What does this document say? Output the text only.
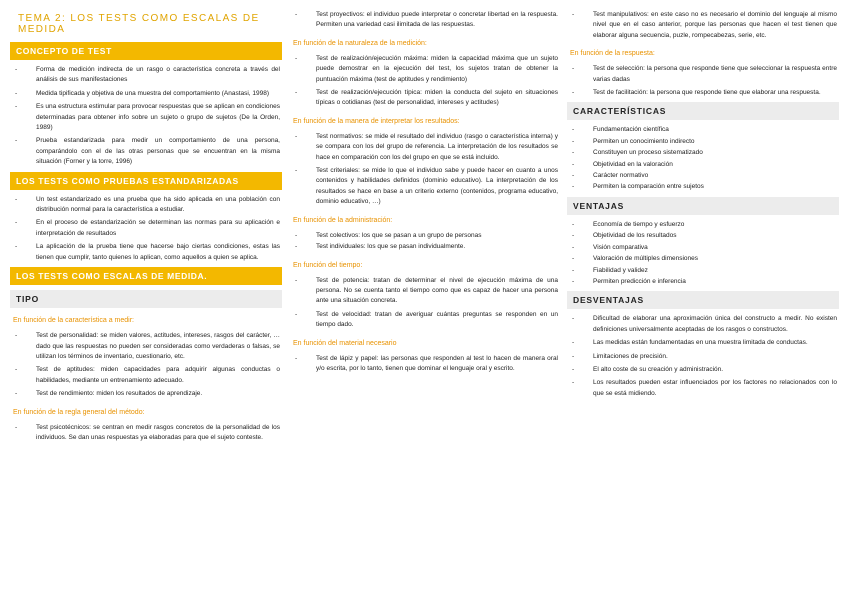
TEMA 2: LOS TESTS COMO ESCALAS DE MEDIDA
CONCEPTO DE TEST
- Forma de medición indirecta de un rasgo o característica concreta a través del análisis de sus manifestaciones
- Medida tipificada y objetiva de una muestra del comportamiento (Anastasi, 1998)
- Es una estructura estimular para provocar respuestas que se aplican en condiciones determinadas para obtener info sobre un sujeto o grupo de sujetos (De la Orden, 1989)
- Prueba estandarizada para medir un comportamiento de una persona, comparándolo con el de las otras personas que se encuentran en la misma situación (Forner y la torre, 1996)
LOS TESTS COMO PRUEBAS ESTANDARIZADAS
- Un test estandarizado es una prueba que ha sido aplicada en una población con distribución normal para la característica a estudiar.
- En el proceso de estandarización se determinan las normas para su aplicación e interpretación de resultados
- La aplicación de la prueba tiene que hacerse bajo ciertas condiciones, estas las tienen que cumplir, tanto quienes lo aplican, como aquellos a quien se aplica.
LOS TESTS COMO ESCALAS DE MEDIDA.
TIPO
En función de la característica a medir:
- Test de personalidad: se miden valores, actitudes, intereses, rasgos del carácter, … dado que las respuestas no pueden ser consideradas como verdaderas o falsas, se utilizan los términos de inventario, cuestionario, etc.
- Test de aptitudes: miden capacidades para adquirir algunas conductas o habilidades, mediante un entrenamiento adecuado.
- Test de rendimiento: miden los resultados de aprendizaje.
En función de la regla general del método:
- Test psicotécnicos: se centran en medir rasgos concretos de la personalidad de los individuos. Se dan unas respuestas ya elaboradas para que el sujeto conteste.
- Test proyectivos: el individuo puede interpretar o concretar libertad en la respuesta. Permiten una variedad casi ilimitada de las respuestas.
En función de la naturaleza de la medición:
- Test de realización/ejecución máxima: miden la capacidad máxima que un sujeto puede demostrar en la ejecución del test, los sujetos tratan de obtener la puntuación máxima (test de aptitudes y rendimiento)
- Test de realización/ejecución típica: miden la conducta del sujeto en situaciones típicas o cotidianas (test de personalidad, intereses y actitudes)
En función de la manera de interpretar los resultados:
- Test normativos: se mide el resultado del individuo (rasgo o característica interna) y se compara con los del grupo de referencia. La interpretación de los resultados se hace en comparación con los del grupo en que se está incluido.
- Test criteriales: se mide lo que el individuo sabe y puede hacer en cuanto a unos contenidos y habilidades definidos (dominio educativo). La interpretación de los resultados se hace en base a un criterio externo (contenidos, programa educativo, dominio educativo, …)
En función de la administración:
- Test colectivos: los que se pasan a un grupo de personas
- Test individuales: los que se pasan individualmente.
En función del tiempo:
- Test de potencia: tratan de determinar el nivel de ejecución máxima de una persona. No se cuenta tanto el tiempo como que es capaz de hacer una persona ante una situación concreta.
- Test de velocidad: tratan de averiguar cuántas preguntas se responden en un tiempo dado.
En función del material necesario
- Test de lápiz y papel: las personas que responden al test lo hacen de manera oral y/o escrita, por lo tanto, tienen que dominar el lenguaje oral y escrito.
- Test manipulativos: en este caso no es necesario el dominio del lenguaje al mismo nivel que en el caso anterior, porque las personas que hacen el test tienen que elaborar alguna secuencia, puzle, rompecabezas, serie, etc.
En función de la respuesta:
- Test de selección: la persona que responde tiene que seleccionar la respuesta entre varias dadas
- Test de facilitación: la persona que responde tiene que elaborar una respuesta.
CARACTERÍSTICAS
- Fundamentación científica
- Permiten un conocimiento indirecto
- Constituyen un proceso sistematizado
- Objetividad en la valoración
- Carácter normativo
- Permiten la comparación entre sujetos
VENTAJAS
- Economía de tiempo y esfuerzo
- Objetividad de los resultados
- Visión comparativa
- Valoración de múltiples dimensiones
- Fiabilidad y validez
- Permiten predicción e inferencia
DESVENTAJAS
- Dificultad de elaborar una aproximación única del constructo a medir. No existen definiciones universalmente aceptadas de los rasgos o constructos.
- Las medidas están fundamentadas en una muestra limitada de conductas.
- Limitaciones de precisión.
- El alto coste de su creación y administración.
- Los resultados pueden estar influenciados por los factores no relacionados con lo que se está midiendo.
